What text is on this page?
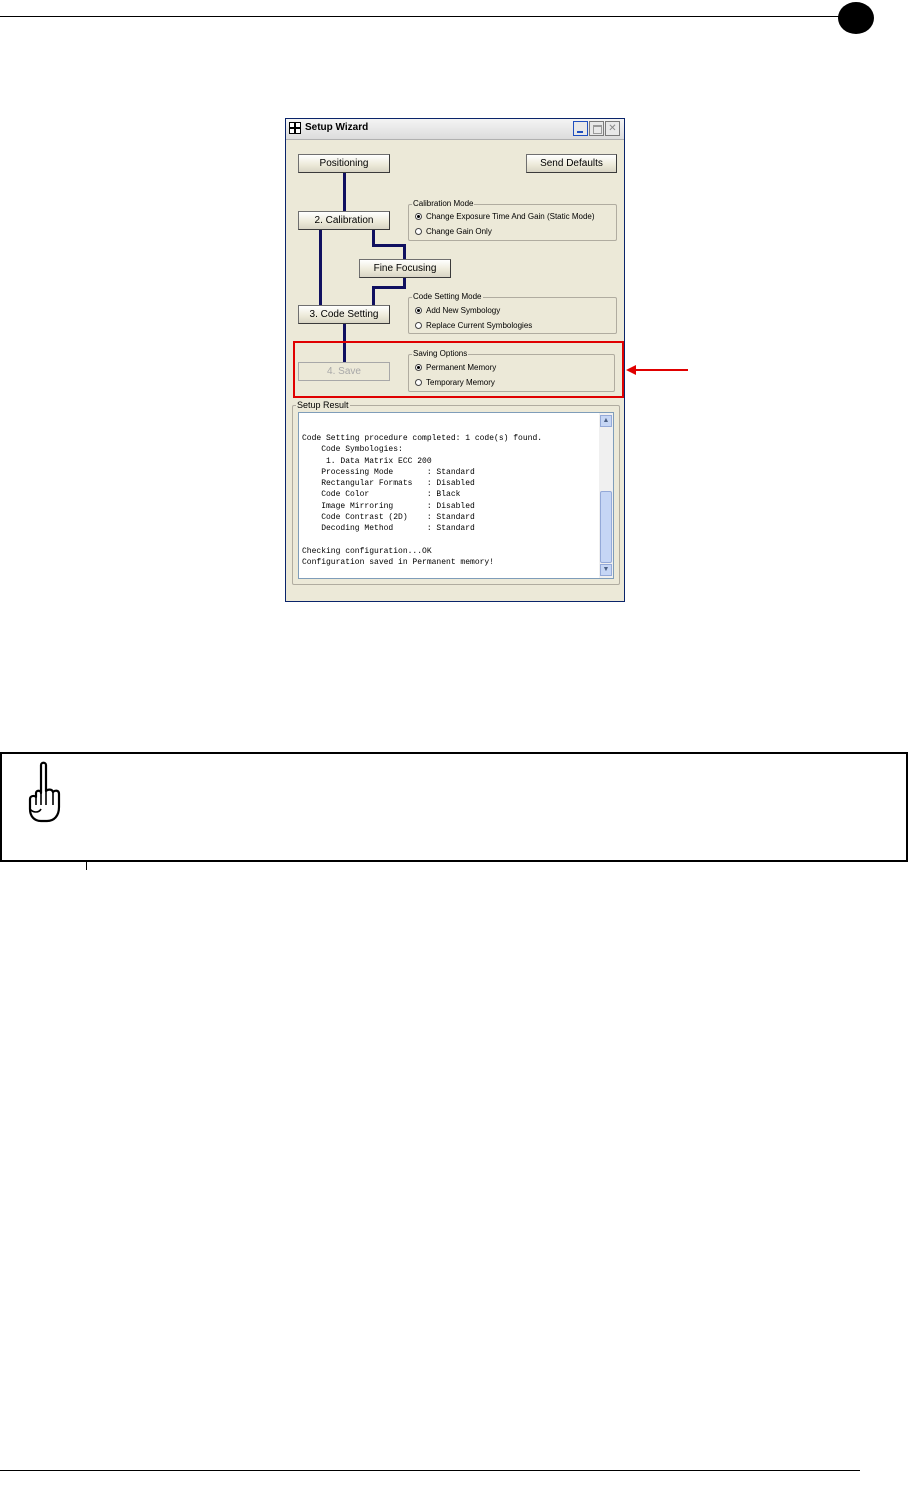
Setup Wizard	✕
Positioning	Send Defaults
2. Calibration
Fine Focusing
3. Code Setting
4. Save
Calibration Mode
Change Exposure Time And Gain (Static Mode)
Change Gain Only
Code Setting Mode
Add New Symbology
Replace Current Symbologies
Saving Options
Permanent Memory
Temporary Memory
Setup Result
Code Setting procedure completed: 1 code(s) found.
Code Symbologies:
1. Data Matrix ECC 200
Processing Mode       : Standard
Rectangular Formats   : Disabled
Code Color            : Black
Image Mirroring       : Disabled
Code Contrast (2D)    : Standard
Decoding Method       : Standard
Checking configuration...OK
Configuration saved in Permanent memory!
▲
▼
